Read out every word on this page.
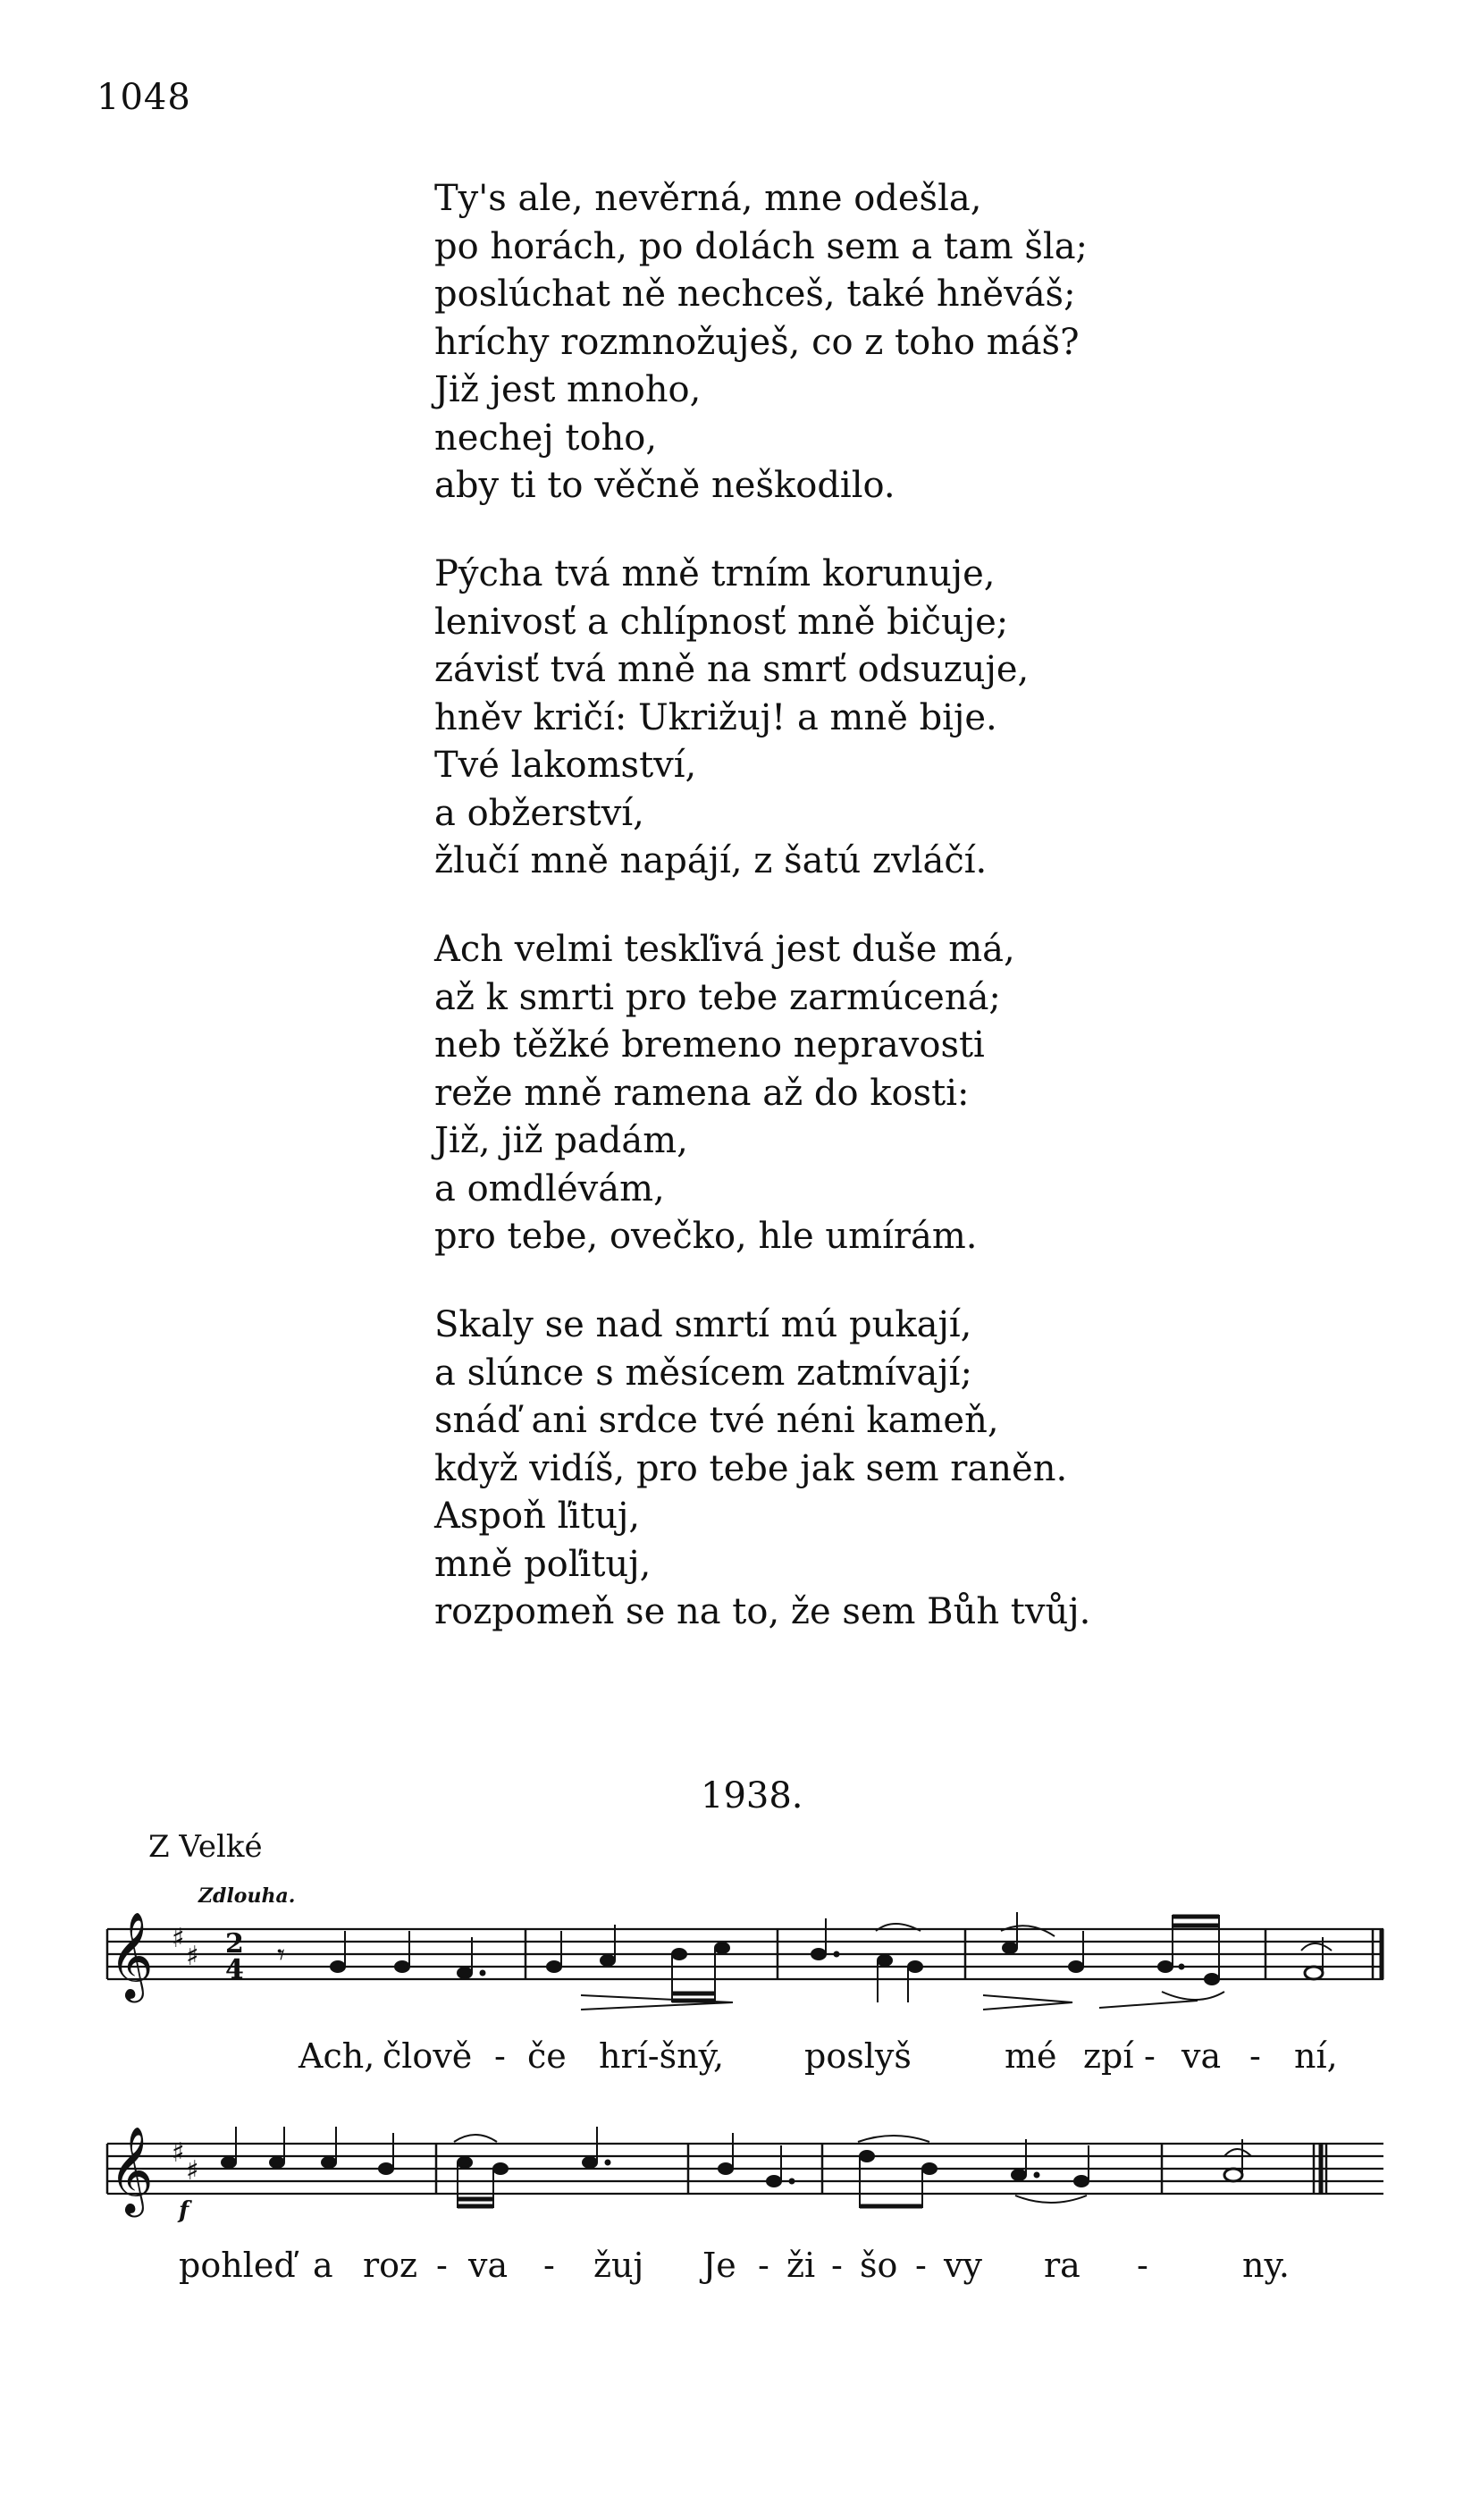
1048
Ty's ale, nevěrná, mne odešla,
po horách, po dolách sem a tam šla;
poslúchat ně nechceš, také hněváš;
hríchy rozmnožuješ, co z toho máš?
Již jest mnoho,
nechej toho,
aby ti to věčně neškodilo.
Pýcha tvá mně trním korunuje,
lenivosť a chlípnosť mně bičuje;
závisť tvá mně na smrť odsuzuje,
hněv kričí: Ukrižuj! a mně bije.
Tvé lakomství,
a obžerství,
žlučí mně napájí, z šatú zvláčí.
Ach velmi teskľivá jest duše má,
až k smrti pro tebe zarmúcená;
neb těžké bremeno nepravosti
reže mně ramena až do kosti:
Již, již padám,
a omdlévám,
pro tebe, ovečko, hle umírám.
Skaly se nad smrtí mú pukají,
a slúnce s měsícem zatmívají;
snáď ani srdce tvé néni kameň,
když vidíš, pro tebe jak sem raněn.
Aspoň ľituj,
mně poľituj,
rozpomeň se na to, že sem Bůh tvůj.
1938.
Z Velké
Zdlouha.
𝄞 ♯
♯ 2
4 𝄾
Ach, člově - če hrí-šný, poslyš	mé zpí - va - ní,
𝄞 ♯
♯
f
pohleď a roz - va - žuj Je - ži - šo - vy ra -	ny.
